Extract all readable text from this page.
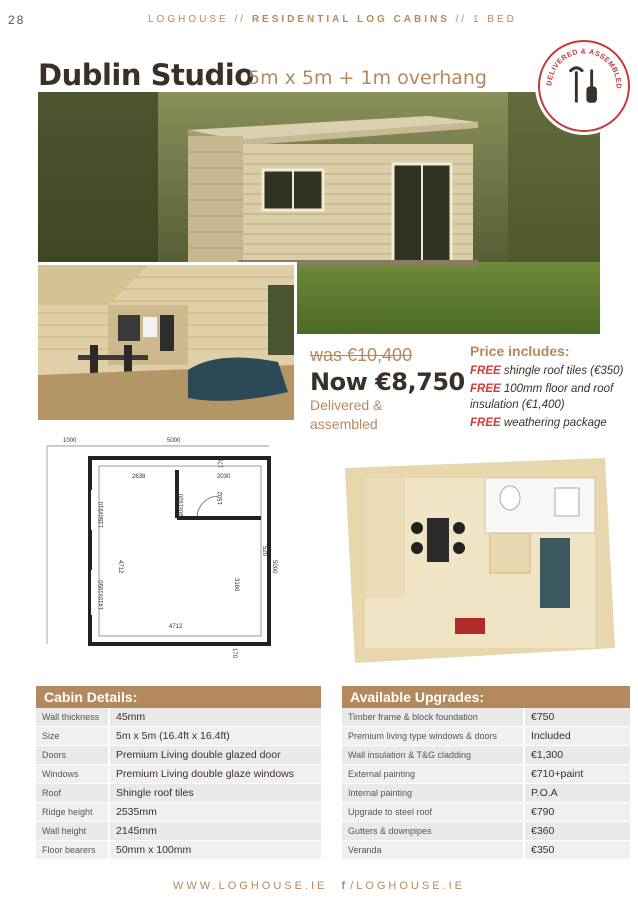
28	LOGHOUSE // RESIDENTIAL LOG CABINS // 1 BED
Dublin Studio
5m x 5m + 1m overhang	DELIVERED & ASSEMBLED
was €10,400
Now €8,750
Delivered & assembled
Price includes:

FREE shingle roof tiles (€350)

FREE 100mm floor and roof insulation (€1,400)

FREE weathering package

1000	5000
2638	2030
1350x910
4712
1410x1950
790x1920	1502
170
5000
520
3160
4712
170
Cabin Details:
Wall thickness	45mm
Size	5m x 5m (16.4ft x 16.4ft)
Doors	Premium Living double glazed door
Windows	Premium Living double glaze windows
Roof	Shingle roof tiles
Ridge height	2535mm
Wall height	2145mm
Floor bearers	50mm x 100mm
Available Upgrades:
Timber frame & block foundation	€750
Premium living type windows & doors	Included
Wall insulation & T&G cladding	€1,300
External painting	€710+paint
Internal painting	P.O.A
Upgrade to steel roof	€790
Gutters & downpipes	€360
Veranda	€350
WWW.LOGHOUSE.IE f /LOGHOUSE.IE
